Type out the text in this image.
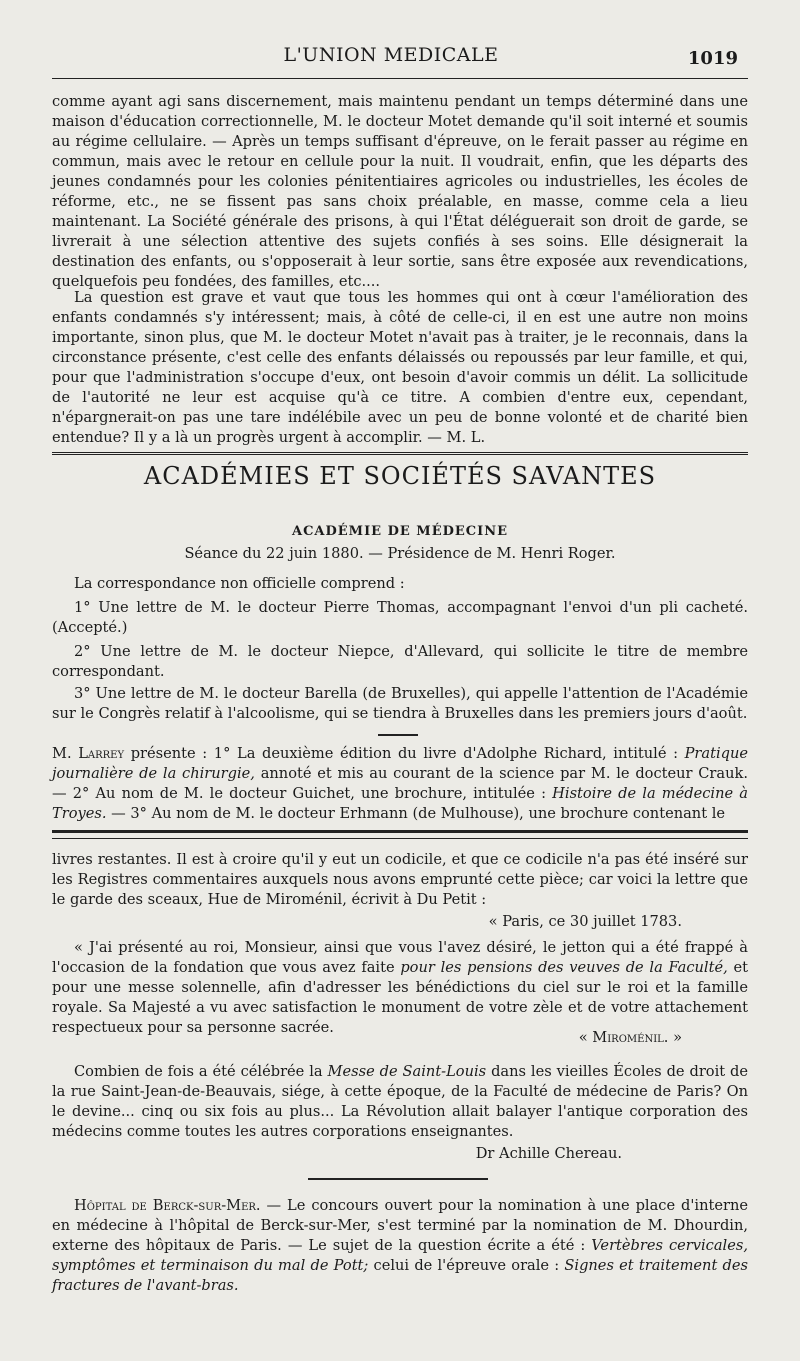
L'UNION MEDICALE	1019

comme ayant agi sans discernement, mais maintenu pendant un temps déterminé dans une maison d'éducation correctionnelle, M. le docteur Motet demande qu'il soit interné et soumis au régime cellulaire. — Après un temps suffisant d'épreuve, on le ferait passer au régime en commun, mais avec le retour en cellule pour la nuit. Il voudrait, enfin, que les départs des jeunes condamnés pour les colonies pénitentiaires agricoles ou industrielles, les écoles de réforme, etc., ne se fissent pas sans choix préalable, en masse, comme cela a lieu maintenant. La Société générale des prisons, à qui l'État déléguerait son droit de garde, se livrerait à une sélection attentive des sujets confiés à ses soins. Elle désignerait la destination des enfants, ou s'opposerait à leur sortie, sans être exposée aux revendications, quelquefois peu fondées, des familles, etc....

La question est grave et vaut que tous les hommes qui ont à cœur l'amélioration des enfants condamnés s'y intéressent; mais, à côté de celle-ci, il en est une autre non moins importante, sinon plus, que M. le docteur Motet n'avait pas à traiter, je le reconnais, dans la circonstance présente, c'est celle des enfants délaissés ou repoussés par leur famille, et qui, pour que l'administration s'occupe d'eux, ont besoin d'avoir commis un délit. La sollicitude de l'autorité ne leur est acquise qu'à ce titre. A combien d'entre eux, cependant, n'épargnerait-on pas une tare indélébile avec un peu de bonne volonté et de charité bien entendue? Il y a là un progrès urgent à accomplir. — M. L.

ACADÉMIES ET SOCIÉTÉS SAVANTES
ACADÉMIE DE MÉDECINE
Séance du 22 juin 1880. — Présidence de M. Henri Roger.

La correspondance non officielle comprend :

1° Une lettre de M. le docteur Pierre Thomas, accompagnant l'envoi d'un pli cacheté. (Accepté.)

2° Une lettre de M. le docteur Niepce, d'Allevard, qui sollicite le titre de membre correspondant.

3° Une lettre de M. le docteur Barella (de Bruxelles), qui appelle l'attention de l'Académie sur le Congrès relatif à l'alcoolisme, qui se tiendra à Bruxelles dans les premiers jours d'août.

M. Larrey présente : 1° La deuxième édition du livre d'Adolphe Richard, intitulé : Pratique journalière de la chirurgie, annoté et mis au courant de la science par M. le docteur Crauk. — 2° Au nom de M. le docteur Guichet, une brochure, intitulée : Histoire de la médecine à Troyes. — 3° Au nom de M. le docteur Erhmann (de Mulhouse), une brochure contenant le

livres restantes. Il est à croire qu'il y eut un codicile, et que ce codicile n'a pas été inséré sur les Registres commentaires auxquels nous avons emprunté cette pièce; car voici la lettre que le garde des sceaux, Hue de Miroménil, écrivit à Du Petit :

« Paris, ce 30 juillet 1783.

« J'ai présenté au roi, Monsieur, ainsi que vous l'avez désiré, le jetton qui a été frappé à l'occasion de la fondation que vous avez faite pour les pensions des veuves de la Faculté, et pour une messe solennelle, afin d'adresser les bénédictions du ciel sur le roi et la famille royale. Sa Majesté a vu avec satisfaction le monument de votre zèle et de votre attachement respectueux pour sa personne sacrée.

« Miroménil. »

Combien de fois a été célébrée la Messe de Saint-Louis dans les vieilles Écoles de droit de la rue Saint-Jean-de-Beauvais, siége, à cette époque, de la Faculté de médecine de Paris? On le devine... cinq ou six fois au plus... La Révolution allait balayer l'antique corporation des médecins comme toutes les autres corporations enseignantes.

Dr Achille Chereau.

Hôpital de Berck-sur-Mer. — Le concours ouvert pour la nomination à une place d'interne en médecine à l'hôpital de Berck-sur-Mer, s'est terminé par la nomination de M. Dhourdin, externe des hôpitaux de Paris. — Le sujet de la question écrite a été : Vertèbres cervicales, symptômes et terminaison du mal de Pott; celui de l'épreuve orale : Signes et traitement des fractures de l'avant-bras.
